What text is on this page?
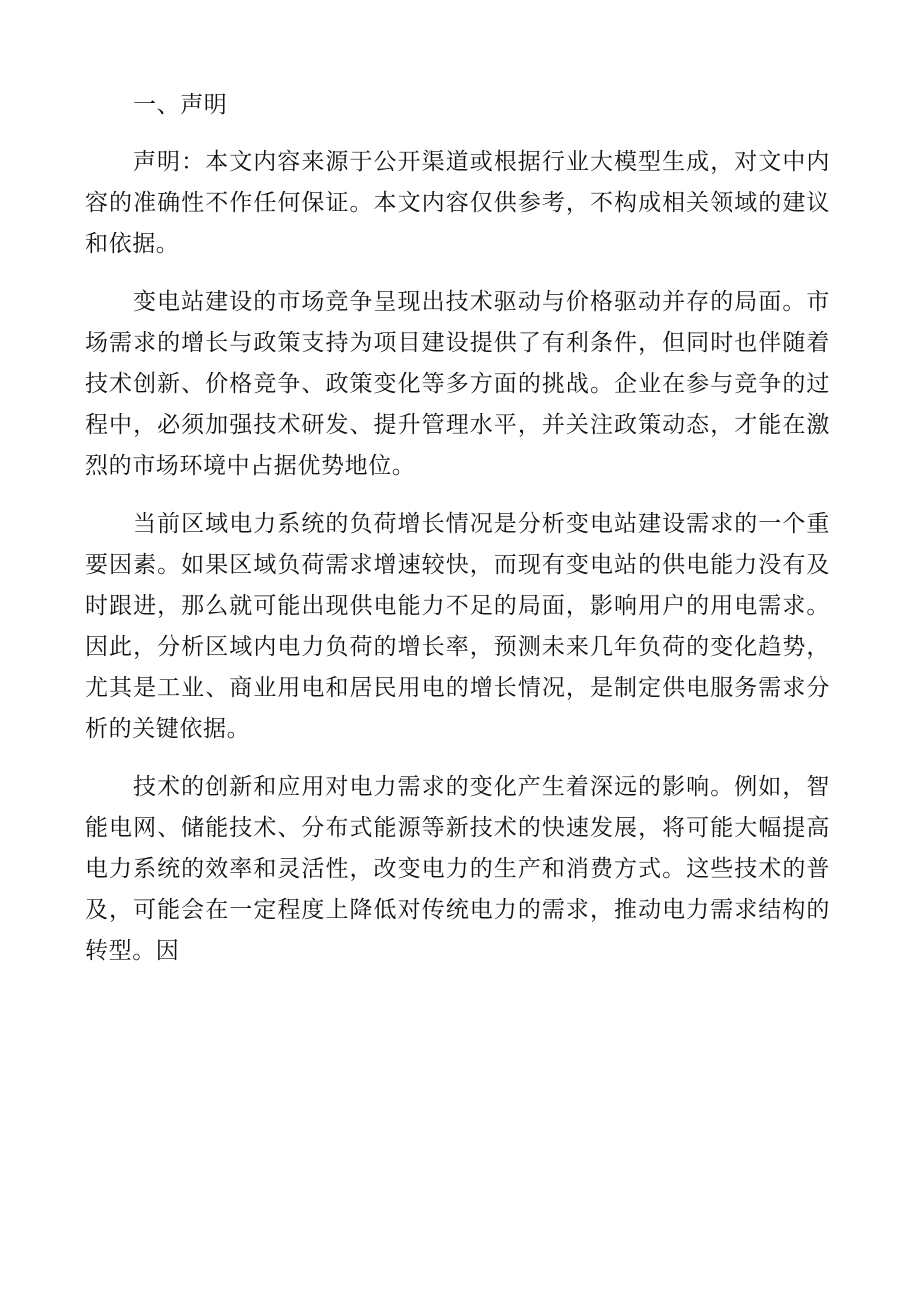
一、声明

声明：本文内容来源于公开渠道或根据行业大模型生成，对文中内容的准确性不作任何保证。本文内容仅供参考，不构成相关领域的建议和依据。

变电站建设的市场竞争呈现出技术驱动与价格驱动并存的局面。市场需求的增长与政策支持为项目建设提供了有利条件，但同时也伴随着技术创新、价格竞争、政策变化等多方面的挑战。企业在参与竞争的过程中，必须加强技术研发、提升管理水平，并关注政策动态，才能在激烈的市场环境中占据优势地位。

当前区域电力系统的负荷增长情况是分析变电站建设需求的一个重要因素。如果区域负荷需求增速较快，而现有变电站的供电能力没有及时跟进，那么就可能出现供电能力不足的局面，影响用户的用电需求。因此，分析区域内电力负荷的增长率，预测未来几年负荷的变化趋势，尤其是工业、商业用电和居民用电的增长情况，是制定供电服务需求分析的关键依据。

技术的创新和应用对电力需求的变化产生着深远的影响。例如，智能电网、储能技术、分布式能源等新技术的快速发展，将可能大幅提高电力系统的效率和灵活性，改变电力的生产和消费方式。这些技术的普及，可能会在一定程度上降低对传统电力的需求，推动电力需求结构的转型。因
